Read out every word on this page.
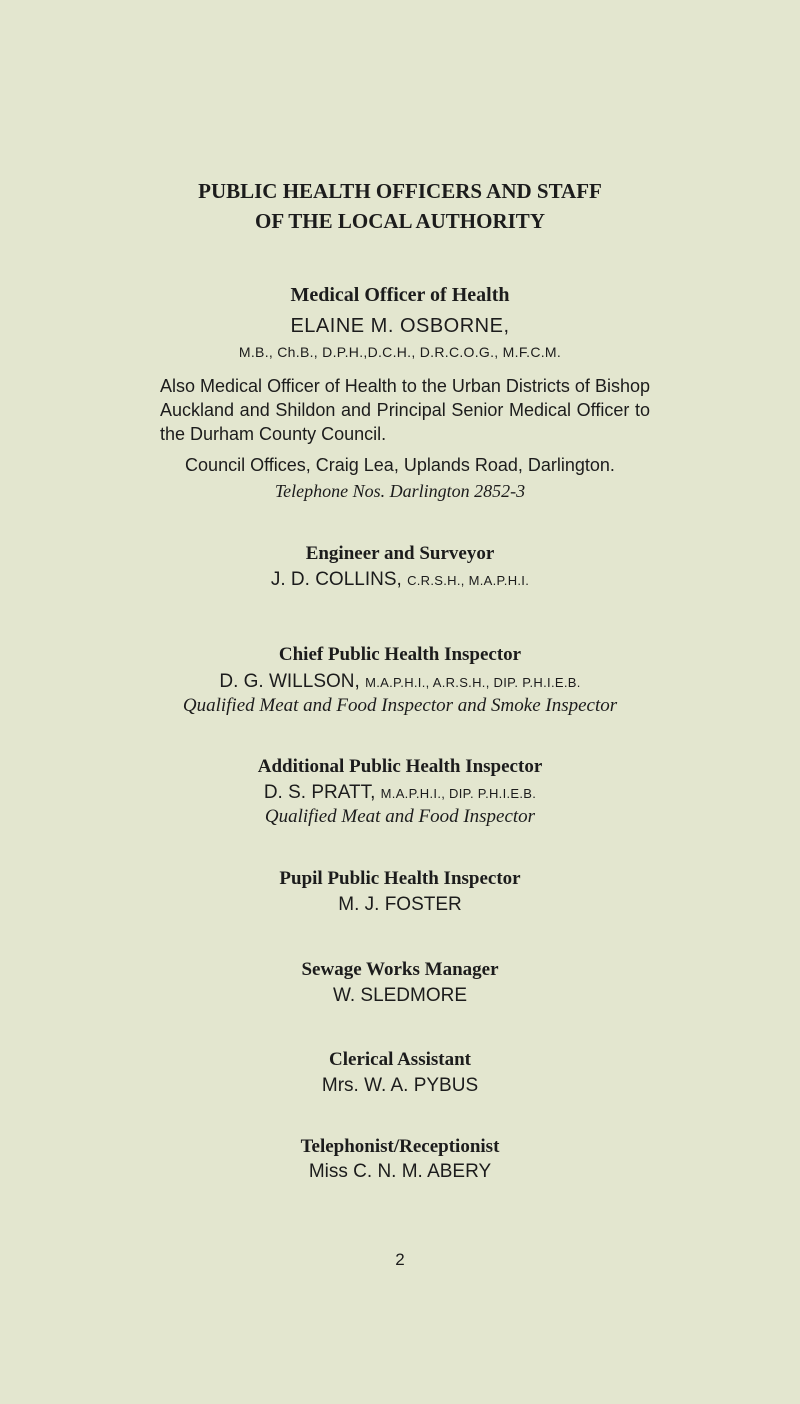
PUBLIC HEALTH OFFICERS AND STAFF
OF THE LOCAL AUTHORITY
Medical Officer of Health
ELAINE M. OSBORNE,
M.B., Ch.B., D.P.H.,D.C.H., D.R.C.O.G., M.F.C.M.
Also Medical Officer of Health to the Urban Districts of Bishop Auckland and Shildon and Principal Senior Medical Officer to the Durham County Council.
Council Offices, Craig Lea, Uplands Road, Darlington.
Telephone Nos. Darlington 2852-3
Engineer and Surveyor
J. D. COLLINS, C.R.S.H., M.A.P.H.I.
Chief Public Health Inspector
D. G. WILLSON, M.A.P.H.I., A.R.S.H., DIP. P.H.I.E.B.
Qualified Meat and Food Inspector and Smoke Inspector
Additional Public Health Inspector
D. S. PRATT, M.A.P.H.I., DIP. P.H.I.E.B.
Qualified Meat and Food Inspector
Pupil Public Health Inspector
M. J. FOSTER
Sewage Works Manager
W. SLEDMORE
Clerical Assistant
Mrs. W. A. PYBUS
Telephonist/Receptionist
Miss C. N. M. ABERY
2
